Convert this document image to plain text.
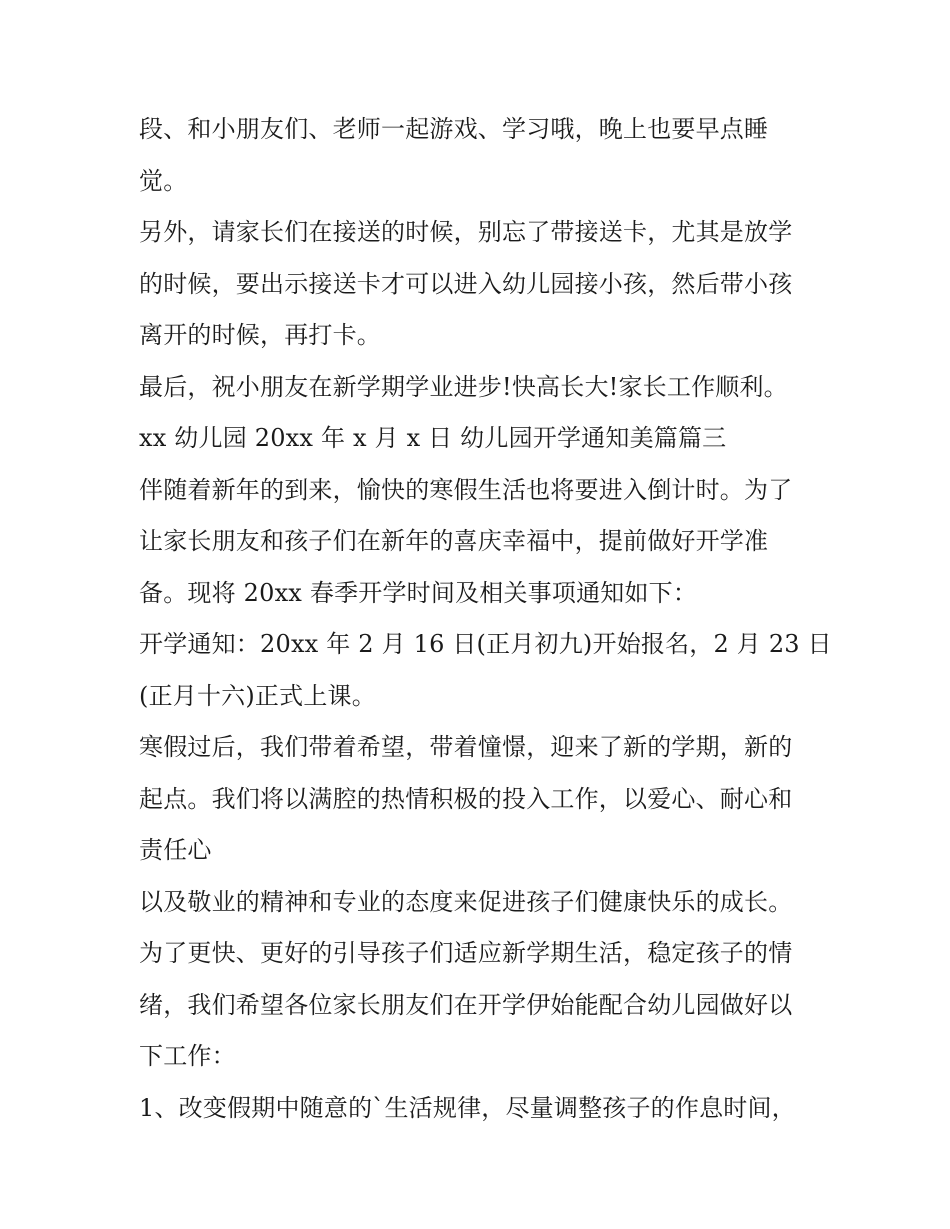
段、和小朋友们、老师一起游戏、学习哦，晚上也要早点睡
觉。
另外，请家长们在接送的时候，别忘了带接送卡，尤其是放学
的时候，要出示接送卡才可以进入幼儿园接小孩，然后带小孩
离开的时候，再打卡。
最后，祝小朋友在新学期学业进步!快高长大!家长工作顺利。
xx 幼儿园 20xx 年 x 月 x 日 幼儿园开学通知美篇篇三
伴随着新年的到来，愉快的寒假生活也将要进入倒计时。为了
让家长朋友和孩子们在新年的喜庆幸福中，提前做好开学准
备。现将 20xx 春季开学时间及相关事项通知如下：
开学通知：20xx 年 2 月 16 日(正月初九)开始报名，2 月 23 日
(正月十六)正式上课。
寒假过后，我们带着希望，带着憧憬，迎来了新的学期，新的
起点。我们将以满腔的热情积极的投入工作，以爱心、耐心和
责任心
以及敬业的精神和专业的态度来促进孩子们健康快乐的成长。
为了更快、更好的引导孩子们适应新学期生活，稳定孩子的情
绪，我们希望各位家长朋友们在开学伊始能配合幼儿园做好以
下工作：
1、改变假期中随意的`生活规律，尽量调整孩子的作息时间，
